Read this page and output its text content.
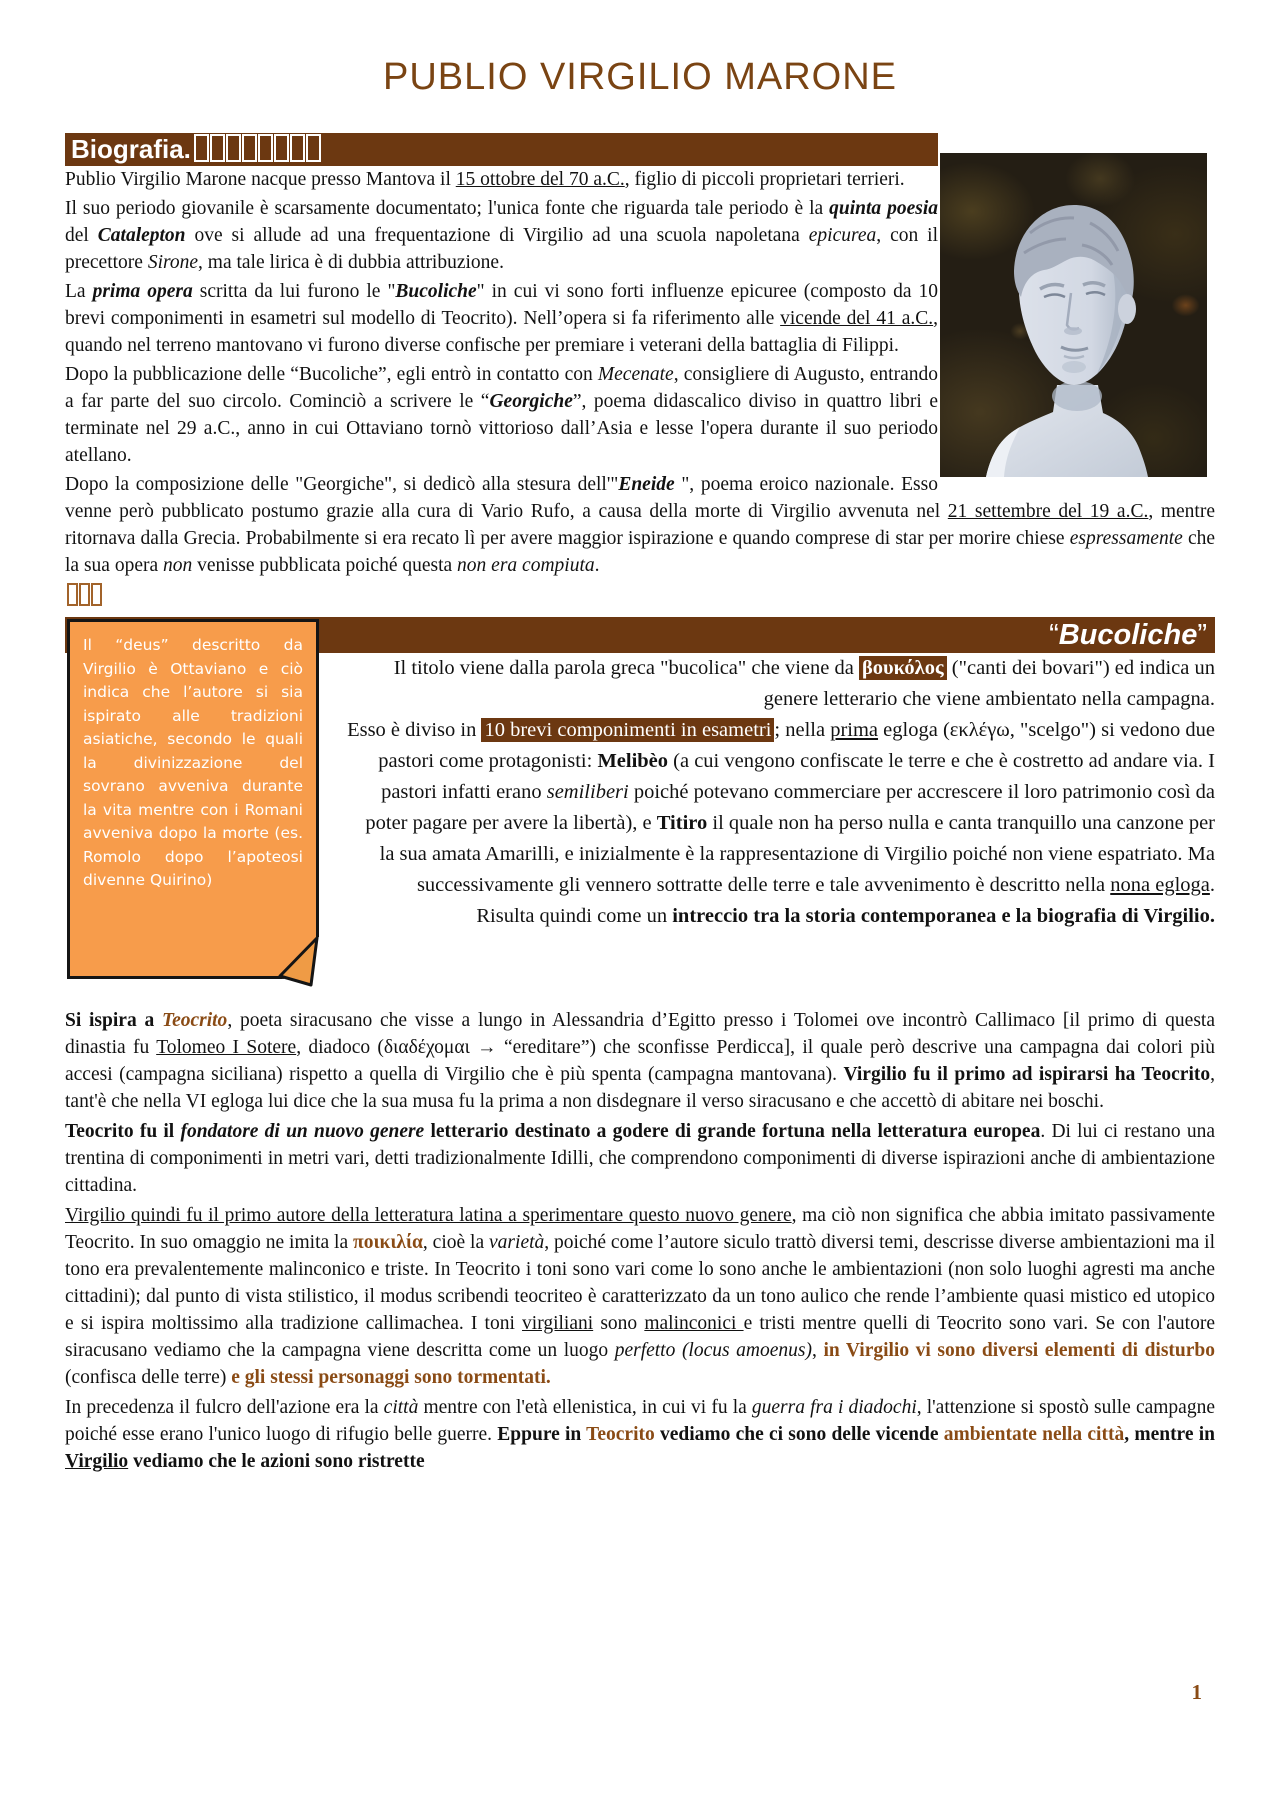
PUBLIO VIRGILIO MARONE
Biografia.

Publio Virgilio Marone nacque presso Mantova il 15 ottobre del 70 a.C., figlio di piccoli proprietari terrieri.

Il suo periodo giovanile è scarsamente documentato; l'unica fonte che riguarda tale periodo è la quinta poesia del Catalepton ove si allude ad una frequentazione di Virgilio ad una scuola napoletana epicurea, con il precettore Sirone, ma tale lirica è di dubbia attribuzione.

La prima opera scritta da lui furono le "Bucoliche" in cui vi sono forti influenze epicuree (composto da 10 brevi componimenti in esametri sul modello di Teocrito). Nell’opera si fa riferimento alle vicende del 41 a.C., quando nel terreno mantovano vi furono diverse confische per premiare i veterani della battaglia di Filippi.

Dopo la pubblicazione delle “Bucoliche”, egli entrò in contatto con Mecenate, consigliere di Augusto, entrando a far parte del suo circolo. Cominciò a scrivere le “Georgiche”, poema didascalico diviso in quattro libri e terminate nel 29 a.C., anno in cui Ottaviano tornò vittorioso dall’Asia e lesse l'opera durante il suo periodo atellano.

Dopo la composizione delle "Georgiche", si dedicò alla stesura dell'"Eneide ", poema eroico nazionale. Esso venne però pubblicato postumo grazie alla cura di Vario Rufo, a causa della morte di Virgilio avvenuta nel 21 settembre del 19 a.C., mentre ritornava dalla Grecia. Probabilmente si era recato lì per avere maggior ispirazione e quando comprese di star per morire chiese espressamente che la sua opera non venisse pubblicata poiché questa non era compiuta.

“Bucoliche”
Il “deus” descritto da Virgilio è Ottaviano e ciò indica che l’autore si sia ispirato alle tradizioni asiatiche, secondo le quali la divinizzazione del sovrano avveniva durante la vita mentre con i Romani avveniva dopo la morte (es. Romolo dopo l’apoteosi divenne Quirino)

Il titolo viene dalla parola greca "bucolica" che viene da βουκόλος ("canti dei bovari") ed indica un genere letterario che viene ambientato nella campagna.

Esso è diviso in 10 brevi componimenti in esametri ; nella prima egloga (εκλέγω, "scelgo") si vedono due pastori come protagonisti: Melibèo (a cui vengono confiscate le terre e che è costretto ad andare via. I pastori infatti erano semiliberi poiché potevano commerciare per accrescere il loro patrimonio così da poter pagare per avere la libertà), e Titiro il quale non ha perso nulla e canta tranquillo una canzone per la sua amata Amarilli, e inizialmente è la rappresentazione di Virgilio poiché non viene espatriato. Ma successivamente gli vennero sottratte delle terre e tale avvenimento è descritto nella nona egloga.

Risulta quindi come un intreccio tra la storia contemporanea e la biografia di Virgilio.

Si ispira a Teocrito, poeta siracusano che visse a lungo in Alessandria d’Egitto presso i Tolomei ove incontrò Callimaco [il primo di questa dinastia fu Tolomeo I Sotere, diadoco (διαδέχομαι → “ereditare”) che sconfisse Perdicca], il quale però descrive una campagna dai colori più accesi (campagna siciliana) rispetto a quella di Virgilio che è più spenta (campagna mantovana). Virgilio fu il primo ad ispirarsi ha Teocrito, tant'è che nella VI egloga lui dice che la sua musa fu la prima a non disdegnare il verso siracusano e che accettò di abitare nei boschi.

Teocrito fu il fondatore di un nuovo genere letterario destinato a godere di grande fortuna nella letteratura europea. Di lui ci restano una trentina di componimenti in metri vari, detti tradizionalmente Idilli, che comprendono componimenti di diverse ispirazioni anche di ambientazione cittadina.

Virgilio quindi fu il primo autore della letteratura latina a sperimentare questo nuovo genere, ma ciò non significa che abbia imitato passivamente Teocrito. In suo omaggio ne imita la ποικιλία, cioè la varietà, poiché come l’autore siculo trattò diversi temi, descrisse diverse ambientazioni ma il tono era prevalentemente malinconico e triste. In Teocrito i toni sono vari come lo sono anche le ambientazioni (non solo luoghi agresti ma anche cittadini); dal punto di vista stilistico, il modus scribendi teocriteo è caratterizzato da un tono aulico che rende l’ambiente quasi mistico ed utopico e si ispira moltissimo alla tradizione callimachea. I toni virgiliani sono malinconici e tristi mentre quelli di Teocrito sono vari. Se con l'autore siracusano vediamo che la campagna viene descritta come un luogo perfetto (locus amoenus), in Virgilio vi sono diversi elementi di disturbo (confisca delle terre) e gli stessi personaggi sono tormentati.

In precedenza il fulcro dell'azione era la città mentre con l'età ellenistica, in cui vi fu la guerra fra i diadochi, l'attenzione si spostò sulle campagne poiché esse erano l'unico luogo di rifugio belle guerre. Eppure in Teocrito vediamo che ci sono delle vicende ambientate nella città, mentre in Virgilio vediamo che le azioni sono ristrette

1
